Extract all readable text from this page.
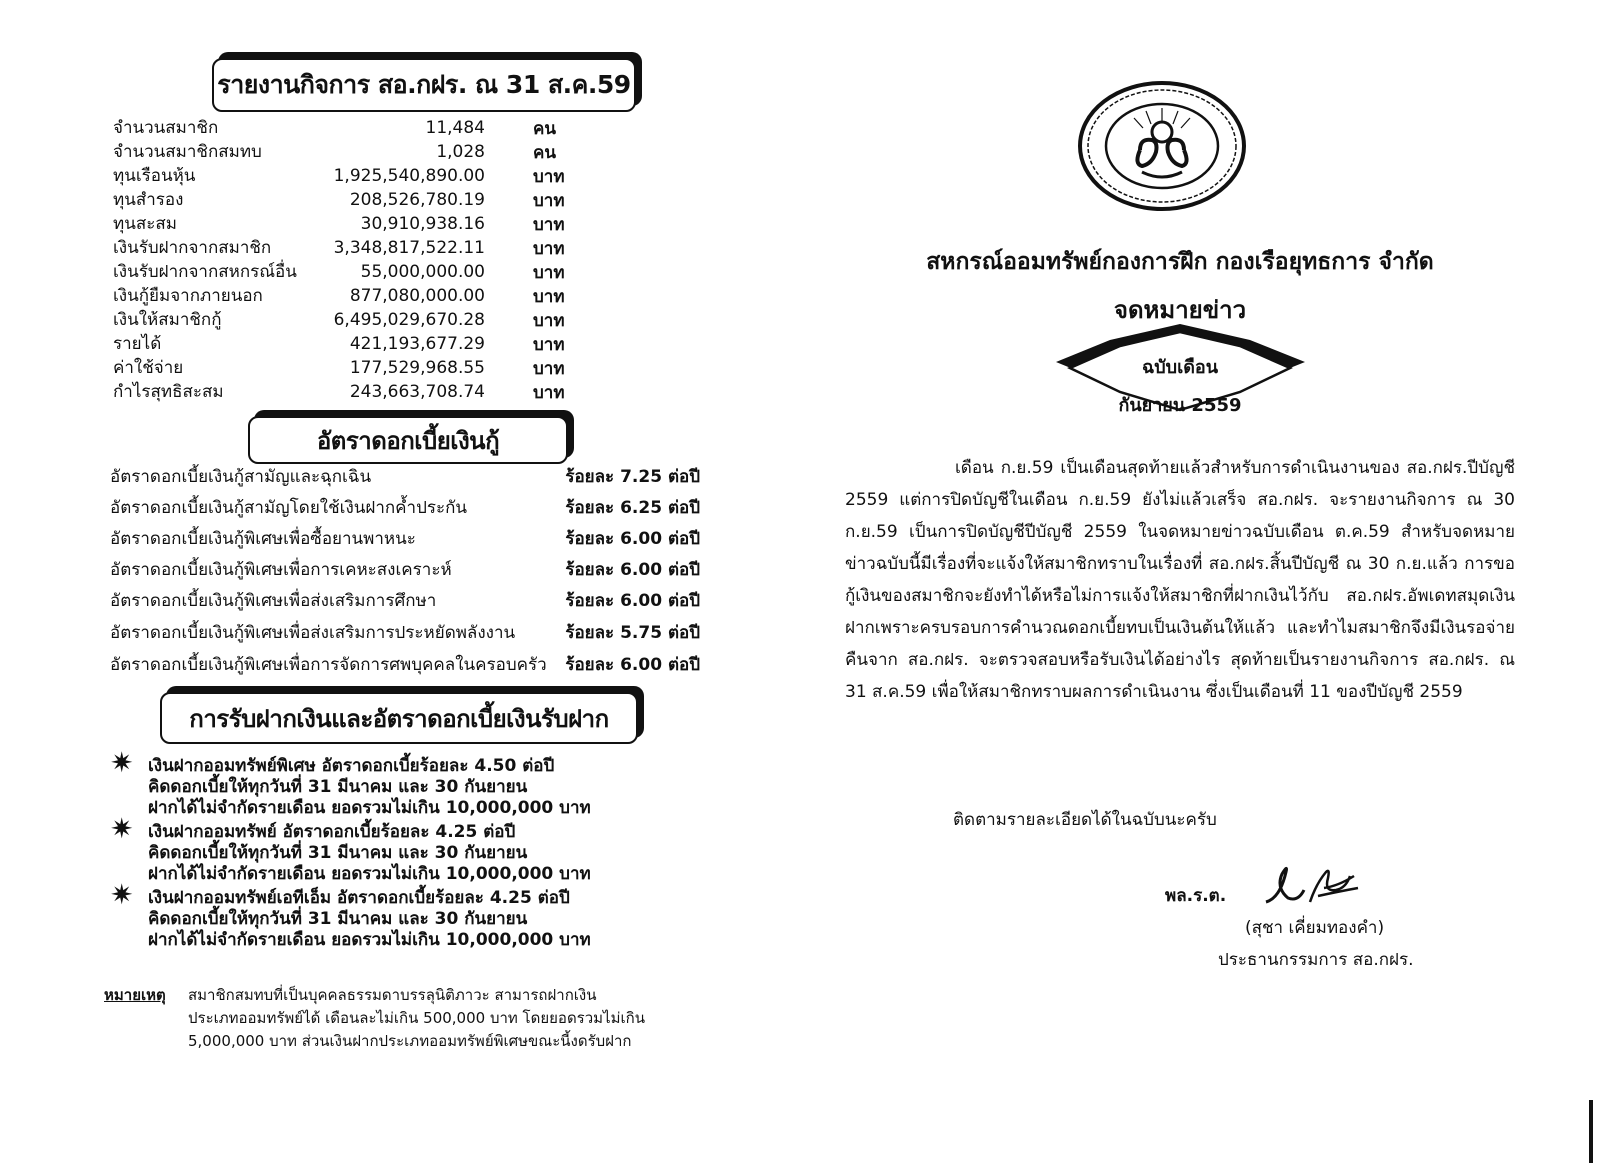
รายงานกิจการ สอ.กฝร. ณ 31 ส.ค.59
จำนวนสมาชิก	11,484	คน
จำนวนสมาชิกสมทบ	1,028	คน
ทุนเรือนหุ้น	1,925,540,890.00	บาท
ทุนสำรอง	208,526,780.19	บาท
ทุนสะสม	30,910,938.16	บาท
เงินรับฝากจากสมาชิก	3,348,817,522.11	บาท
เงินรับฝากจากสหกรณ์อื่น	55,000,000.00	บาท
เงินกู้ยืมจากภายนอก	877,080,000.00	บาท
เงินให้สมาชิกกู้	6,495,029,670.28	บาท
รายได้	421,193,677.29	บาท
ค่าใช้จ่าย	177,529,968.55	บาท
กำไรสุทธิสะสม	243,663,708.74	บาท
อัตราดอกเบี้ยเงินกู้
อัตราดอกเบี้ยเงินกู้สามัญและฉุกเฉิน	ร้อยละ 7.25 ต่อปี
อัตราดอกเบี้ยเงินกู้สามัญโดยใช้เงินฝากค้ำประกัน	ร้อยละ 6.25 ต่อปี
อัตราดอกเบี้ยเงินกู้พิเศษเพื่อซื้อยานพาหนะ	ร้อยละ 6.00 ต่อปี
อัตราดอกเบี้ยเงินกู้พิเศษเพื่อการเคหะสงเคราะห์	ร้อยละ 6.00 ต่อปี
อัตราดอกเบี้ยเงินกู้พิเศษเพื่อส่งเสริมการศึกษา	ร้อยละ 6.00 ต่อปี
อัตราดอกเบี้ยเงินกู้พิเศษเพื่อส่งเสริมการประหยัดพลังงาน	ร้อยละ 5.75 ต่อปี
อัตราดอกเบี้ยเงินกู้พิเศษเพื่อการจัดการศพบุคคลในครอบครัว ร้อยละ 6.00 ต่อปี
การรับฝากเงินและอัตราดอกเบี้ยเงินรับฝาก
✷ เงินฝากออมทรัพย์พิเศษ อัตราดอกเบี้ยร้อยละ 4.50 ต่อปี
คิดดอกเบี้ยให้ทุกวันที่ 31 มีนาคม และ 30 กันยายน
ฝากได้ไม่จำกัดรายเดือน ยอดรวมไม่เกิน 10,000,000 บาท
✷ เงินฝากออมทรัพย์ อัตราดอกเบี้ยร้อยละ 4.25 ต่อปี
คิดดอกเบี้ยให้ทุกวันที่ 31 มีนาคม และ 30 กันยายน
ฝากได้ไม่จำกัดรายเดือน ยอดรวมไม่เกิน 10,000,000 บาท
✷ เงินฝากออมทรัพย์เอทีเอ็ม อัตราดอกเบี้ยร้อยละ 4.25 ต่อปี
คิดดอกเบี้ยให้ทุกวันที่ 31 มีนาคม และ 30 กันยายน
ฝากได้ไม่จำกัดรายเดือน ยอดรวมไม่เกิน 10,000,000 บาท
หมายเหตุ สมาชิกสมทบที่เป็นบุคคลธรรมดาบรรลุนิติภาวะ สามารถฝากเงิน
ประเภทออมทรัพย์ได้ เดือนละไม่เกิน 500,000 บาท โดยยอดรวมไม่เกิน
5,000,000 บาท ส่วนเงินฝากประเภทออมทรัพย์พิเศษขณะนี้งดรับฝาก
สหกรณ์ออมทรัพย์กองการฝึก กองเรือยุทธการ จำกัด
จดหมายข่าว
ฉบับเดือน
กันยายน 2559

เดือน ก.ย.59 เป็นเดือนสุดท้ายแล้วสำหรับการดำเนินงานของ สอ.กฝร.ปีบัญชี 2559 แต่การปิดบัญชีในเดือน ก.ย.59 ยังไม่แล้วเสร็จ สอ.กฝร. จะรายงานกิจการ ณ 30 ก.ย.59 เป็นการปิดบัญชีปีบัญชี 2559 ในจดหมายข่าวฉบับเดือน ต.ค.59 สำหรับจดหมายข่าวฉบับนี้มีเรื่องที่จะแจ้งให้สมาชิกทราบในเรื่องที่ สอ.กฝร.สิ้นปีบัญชี ณ 30 ก.ย.แล้ว การขอกู้เงินของสมาชิกจะยังทำได้หรือไม่การแจ้งให้สมาชิกที่ฝากเงินไว้กับ สอ.กฝร.อัพเดทสมุดเงินฝากเพราะครบรอบการคำนวณดอกเบี้ยทบเป็นเงินต้นให้แล้ว และทำไมสมาชิกจึงมีเงินรอจ่ายคืนจาก สอ.กฝร. จะตรวจสอบหรือรับเงินได้อย่างไร สุดท้ายเป็นรายงานกิจการ สอ.กฝร. ณ 31 ส.ค.59 เพื่อให้สมาชิกทราบผลการดำเนินงาน ซึ่งเป็นเดือนที่ 11 ของปีบัญชี 2559

ติดตามรายละเอียดได้ในฉบับนะครับ
พล.ร.ต.
(สุชา เคี่ยมทองคำ)
ประธานกรรมการ สอ.กฝร.
